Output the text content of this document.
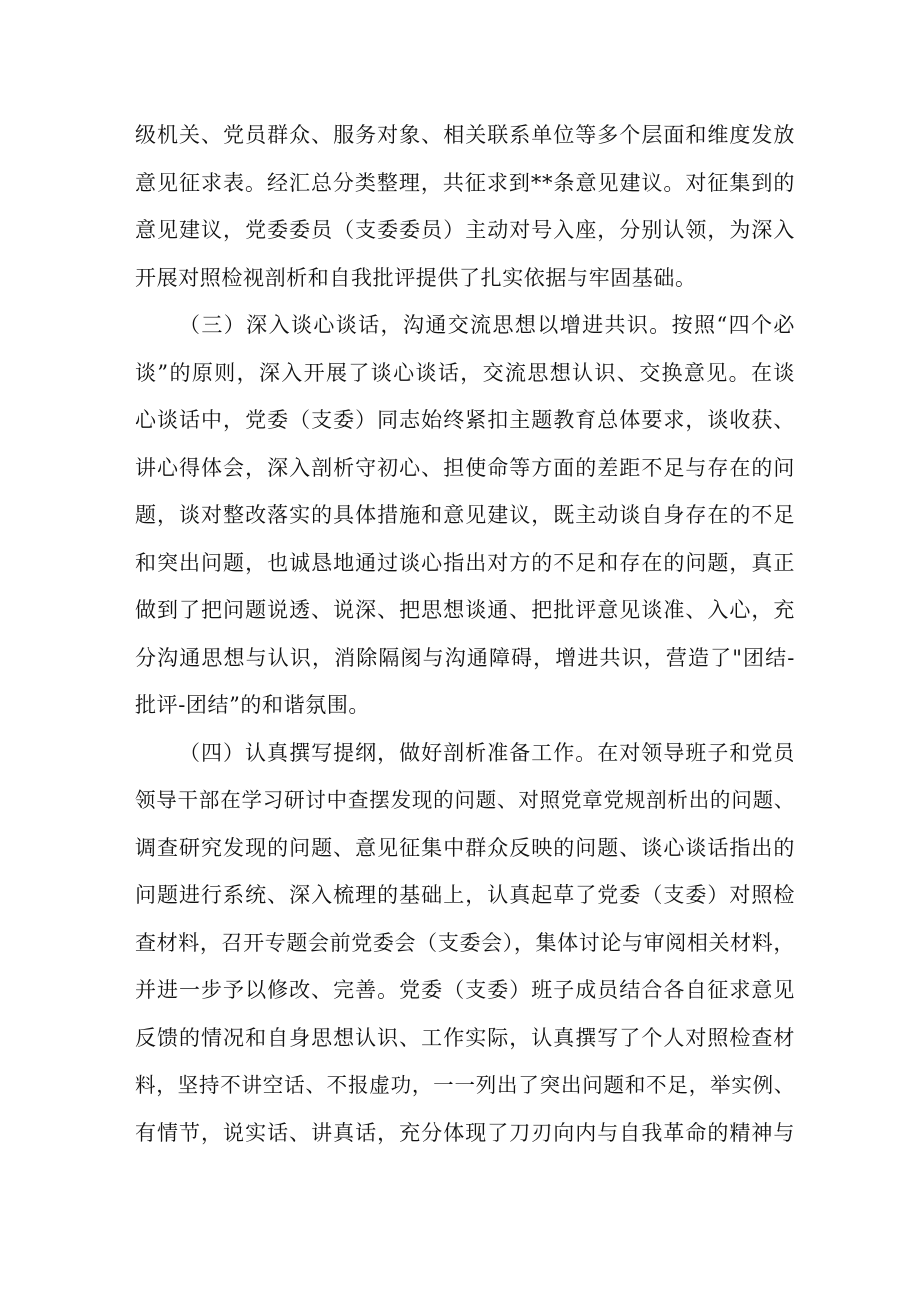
级机关、党员群众、服务对象、相关联系单位等多个层面和维度发放
意见征求表。经汇总分类整理，共征求到**条意见建议。对征集到的
意见建议，党委委员（支委委员）主动对号入座，分别认领，为深入
开展对照检视剖析和自我批评提供了扎实依据与牢固基础。
（三）深入谈心谈话，沟通交流思想以增进共识。按照“四个必
谈”的原则，深入开展了谈心谈话，交流思想认识、交换意见。在谈
心谈话中，党委（支委）同志始终紧扣主题教育总体要求，谈收获、
讲心得体会，深入剖析守初心、担使命等方面的差距不足与存在的问
题，谈对整改落实的具体措施和意见建议，既主动谈自身存在的不足
和突出问题，也诚恳地通过谈心指出对方的不足和存在的问题，真正
做到了把问题说透、说深、把思想谈通、把批评意见谈准、入心，充
分沟通思想与认识，消除隔阂与沟通障碍，增进共识，营造了"团结-
批评-团结”的和谐氛围。
（四）认真撰写提纲，做好剖析准备工作。在对领导班子和党员
领导干部在学习研讨中查摆发现的问题、对照党章党规剖析出的问题、
调查研究发现的问题、意见征集中群众反映的问题、谈心谈话指出的
问题进行系统、深入梳理的基础上，认真起草了党委（支委）对照检
查材料，召开专题会前党委会（支委会），集体讨论与审阅相关材料，
并进一步予以修改、完善。党委（支委）班子成员结合各自征求意见
反馈的情况和自身思想认识、工作实际，认真撰写了个人对照检查材
料，坚持不讲空话、不报虚功，一一列出了突出问题和不足，举实例、
有情节，说实话、讲真话，充分体现了刀刃向内与自我革命的精神与
